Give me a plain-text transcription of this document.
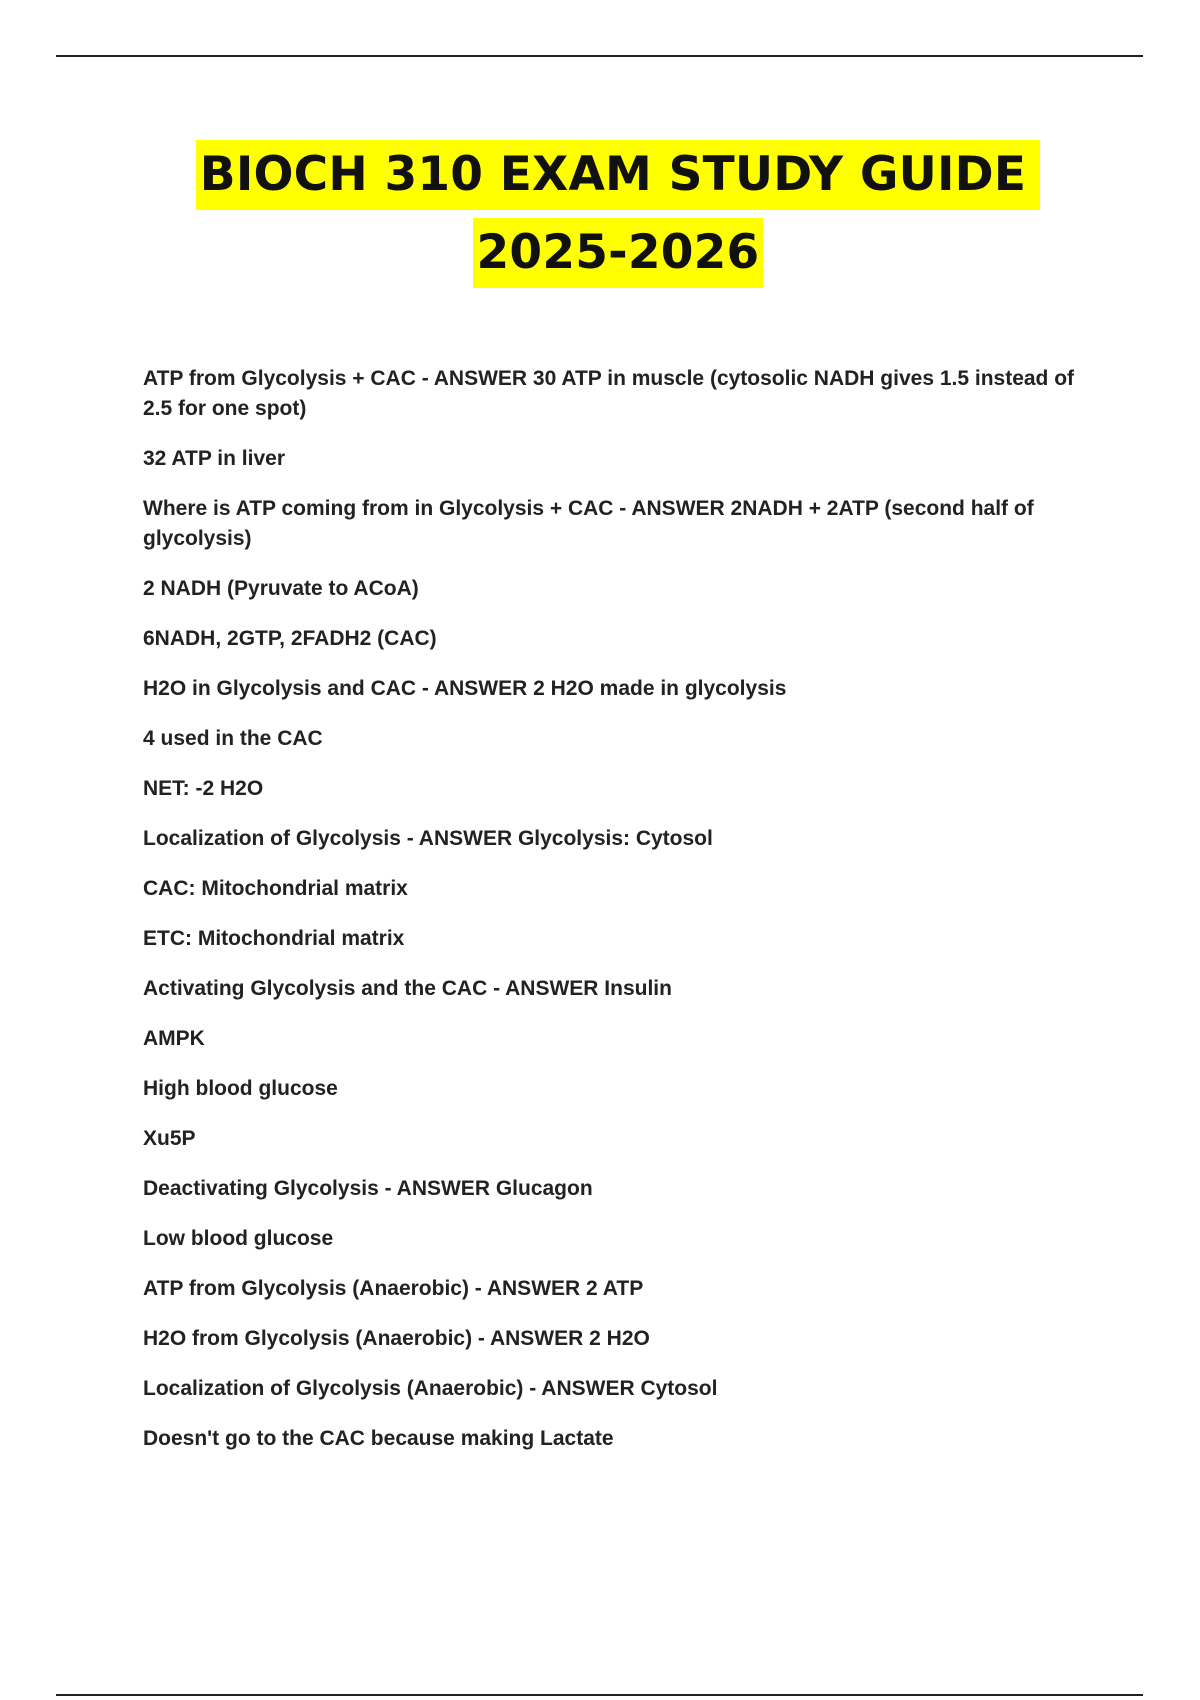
BIOCH 310 EXAM STUDY GUIDE
2025-2026

ATP from Glycolysis + CAC - ANSWER 30 ATP in muscle (cytosolic NADH gives 1.5 instead of 2.5 for one spot)

32 ATP in liver

Where is ATP coming from in Glycolysis + CAC - ANSWER 2NADH + 2ATP (second half of glycolysis)

2 NADH (Pyruvate to ACoA)

6NADH, 2GTP, 2FADH2 (CAC)

H2O in Glycolysis and CAC - ANSWER 2 H2O made in glycolysis

4 used in the CAC

NET: -2 H2O

Localization of Glycolysis - ANSWER Glycolysis: Cytosol

CAC: Mitochondrial matrix

ETC: Mitochondrial matrix

Activating Glycolysis and the CAC - ANSWER Insulin

AMPK

High blood glucose

Xu5P

Deactivating Glycolysis - ANSWER Glucagon

Low blood glucose

ATP from Glycolysis (Anaerobic) - ANSWER 2 ATP

H2O from Glycolysis (Anaerobic) - ANSWER 2 H2O

Localization of Glycolysis (Anaerobic) - ANSWER Cytosol

Doesn't go to the CAC because making Lactate
